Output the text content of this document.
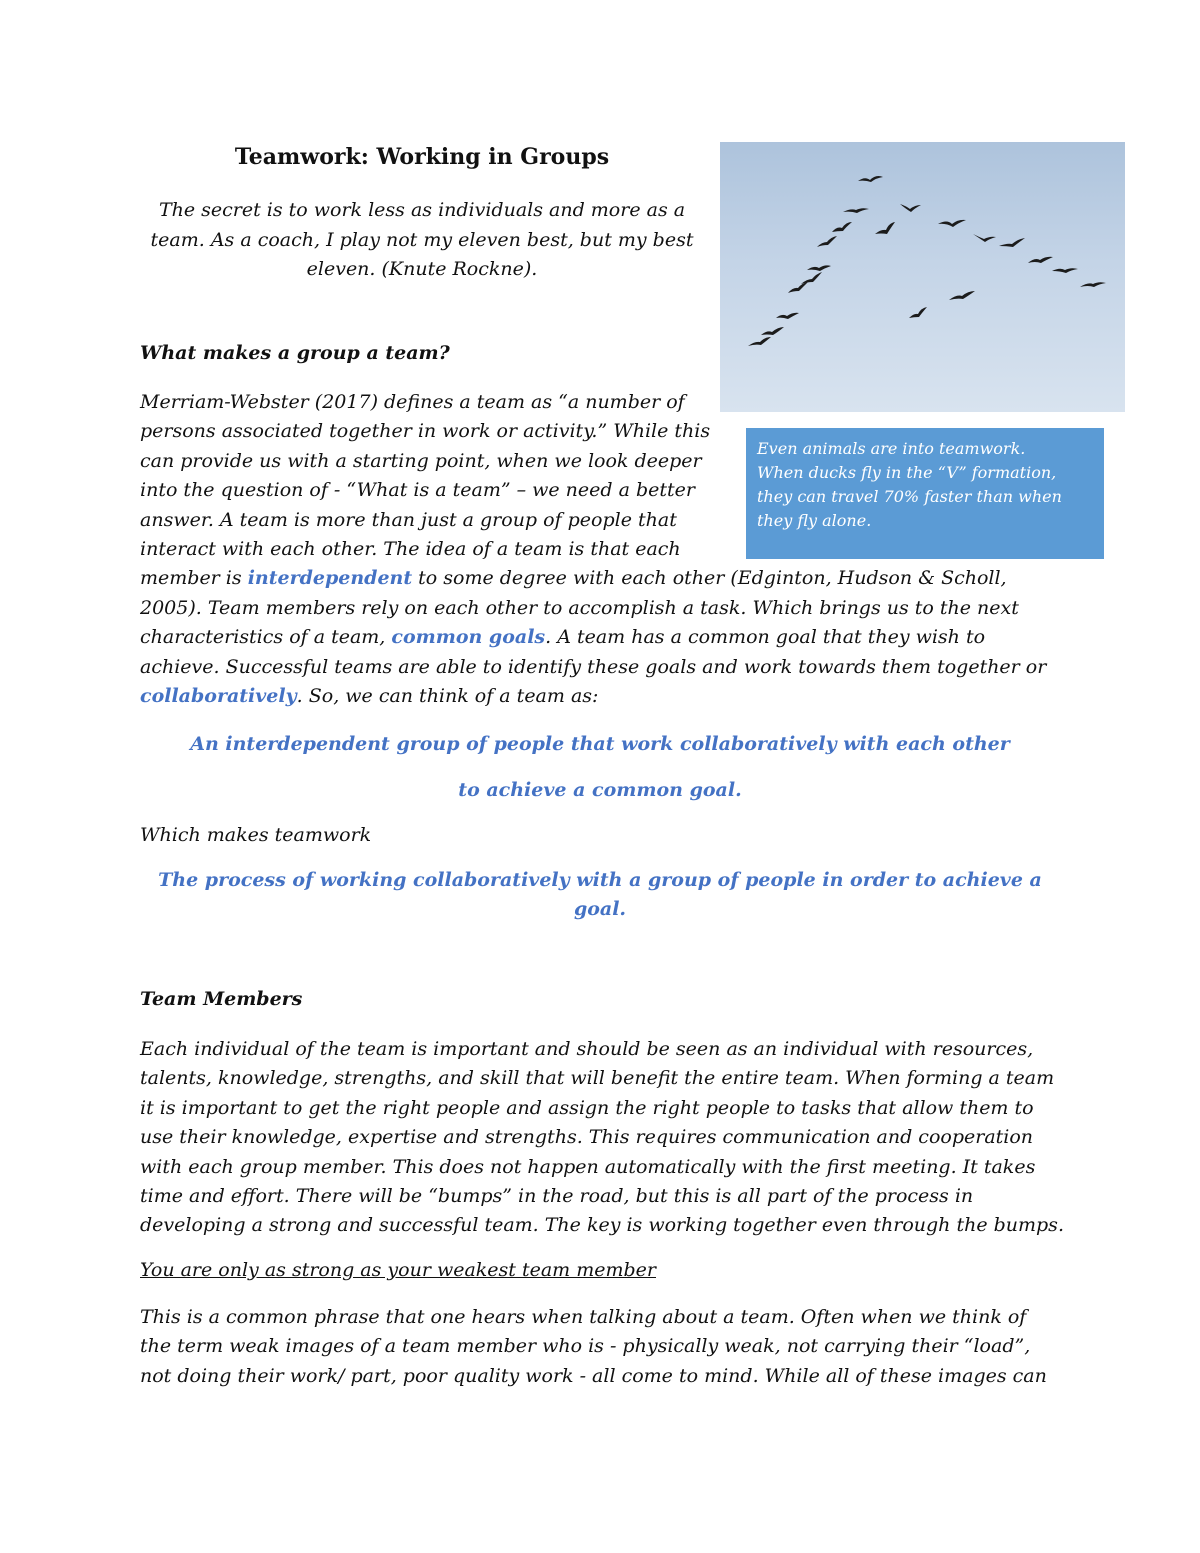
Teamwork: Working in Groups

The secret is to work less as individuals and more as a
team. As a coach, I play not my eleven best, but my best
eleven. (Knute Rockne).

Even animals are into teamwork.
When ducks fly in the “V” formation,
they can travel 70% faster than when
they fly alone.
What makes a group a team?
Merriam-Webster (2017) defines a team as “a number of
persons associated together in work or activity.” While this
can provide us with a starting point, when we look deeper
into the question of - “What is a team” – we need a better
answer. A team is more than just a group of people that
interact with each other. The idea of a team is that each
member is interdependent to some degree with each other (Edginton, Hudson & Scholl,
2005). Team members rely on each other to accomplish a task. Which brings us to the next
characteristics of a team, common goals. A team has a common goal that they wish to
achieve. Successful teams are able to identify these goals and work towards them together or
collaboratively. So, we can think of a team as:

An interdependent group of people that work collaboratively with each other

to achieve a common goal.

Which makes teamwork

The process of working collaboratively with a group of people in order to achieve a

goal.

Team Members
Each individual of the team is important and should be seen as an individual with resources,
talents, knowledge, strengths, and skill that will benefit the entire team. When forming a team
it is important to get the right people and assign the right people to tasks that allow them to
use their knowledge, expertise and strengths. This requires communication and cooperation
with each group member. This does not happen automatically with the first meeting. It takes
time and effort. There will be “bumps” in the road, but this is all part of the process in
developing a strong and successful team. The key is working together even through the bumps.

You are only as strong as your weakest team member

This is a common phrase that one hears when talking about a team. Often when we think of
the term weak images of a team member who is - physically weak, not carrying their “load”,
not doing their work/ part, poor quality work - all come to mind. While all of these images can
